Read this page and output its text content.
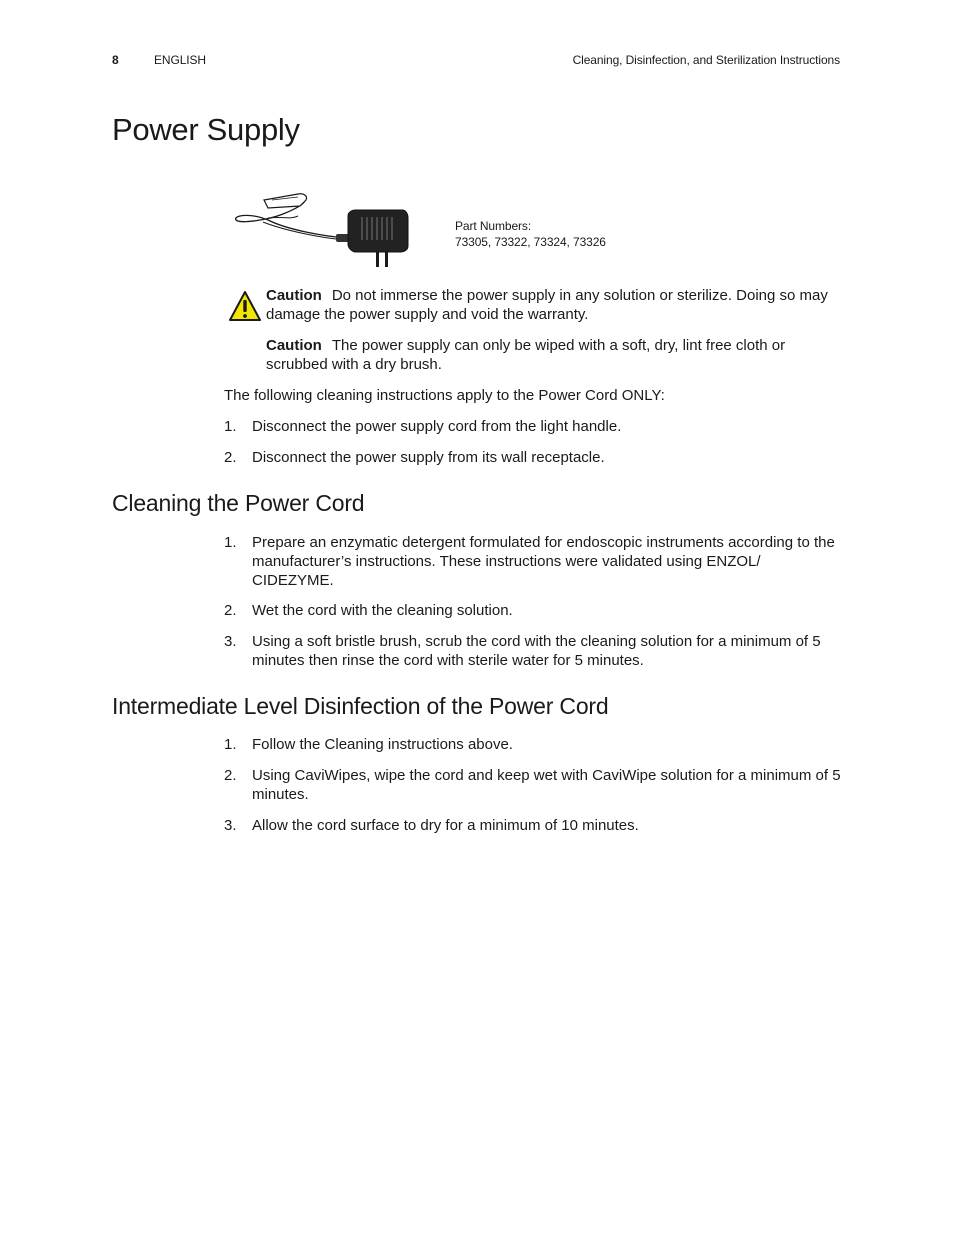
8	ENGLISH	Cleaning, Disinfection, and Sterilization Instructions
Power Supply
Part Numbers:
73305, 73322, 73324, 73326
Caution Do not immerse the power supply in any solution or sterilize. Doing so may damage the power supply and void the warranty.
Caution The power supply can only be wiped with a soft, dry, lint free cloth or scrubbed with a dry brush.
The following cleaning instructions apply to the Power Cord ONLY:
1. Disconnect the power supply cord from the light handle.
2. Disconnect the power supply from its wall receptacle.
Cleaning the Power Cord
1. Prepare an enzymatic detergent formulated for endoscopic instruments according to the manufacturer’s instructions. These instructions were validated using ENZOL/ CIDEZYME.
2. Wet the cord with the cleaning solution.
3. Using a soft bristle brush, scrub the cord with the cleaning solution for a minimum of 5 minutes then rinse the cord with sterile water for 5 minutes.
Intermediate Level Disinfection of the Power Cord
1. Follow the Cleaning instructions above.
2. Using CaviWipes, wipe the cord and keep wet with CaviWipe solution for a minimum of 5 minutes.
3. Allow the cord surface to dry for a minimum of 10 minutes.
